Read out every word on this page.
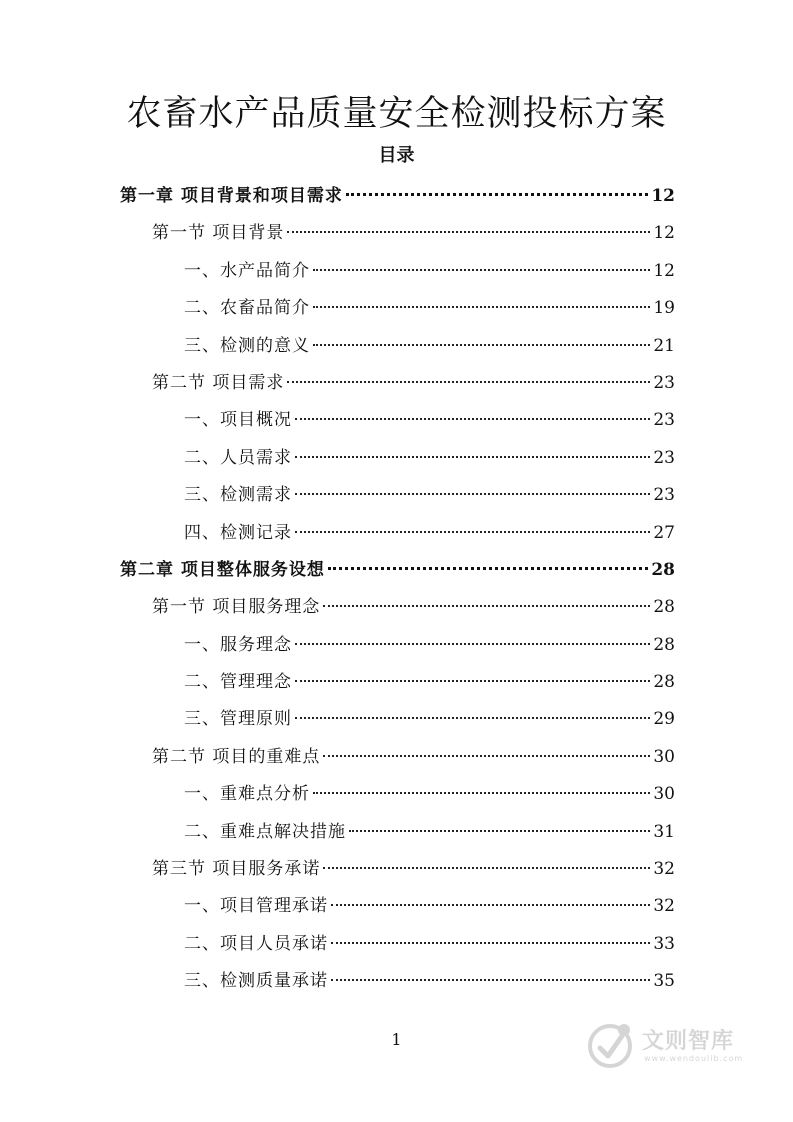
农畜水产品质量安全检测投标方案
目录
第一章 项目背景和项目需求	12
第一节 项目背景	12
一、水产品简介	12
二、农畜品简介	19
三、检测的意义	21
第二节 项目需求	23
一、项目概况	23
二、人员需求	23
三、检测需求	23
四、检测记录	27
第二章 项目整体服务设想	28
第一节 项目服务理念	28
一、服务理念	28
二、管理理念	28
三、管理原则	29
第二节 项目的重难点	30
一、重难点分析	30
二、重难点解决措施	31
第三节 项目服务承诺	32
一、项目管理承诺	32
二、项目人员承诺	33
三、检测质量承诺	35
1	文则智库
www.wendoulib.com
